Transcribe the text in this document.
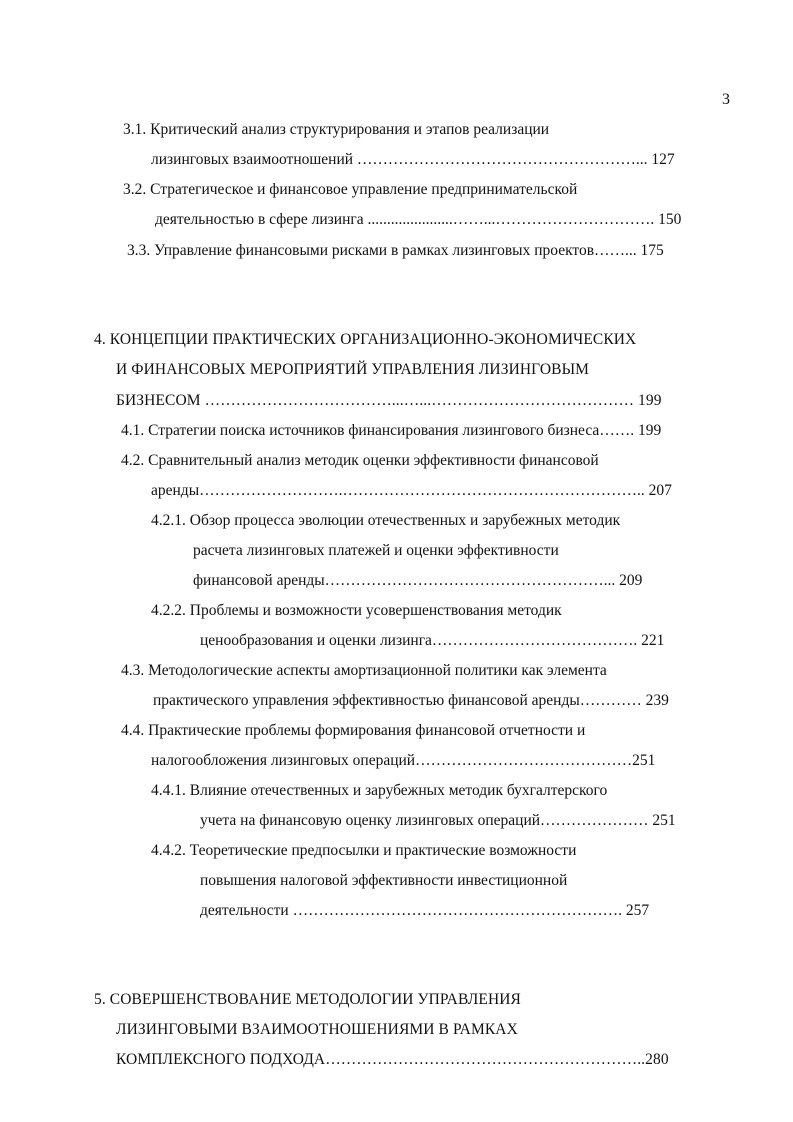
3
3.1. Критический анализ структурирования и этапов реализации
лизинговых взаимоотношений ………………………………………………... 127
3.2. Стратегическое и финансовое управление предпринимательской
деятельностью в сфере лизинга ......................……...…………………………. 150
3.3. Управление финансовыми рисками в рамках лизинговых проектов……... 175
4. КОНЦЕПЦИИ ПРАКТИЧЕСКИХ ОРГАНИЗАЦИОННО-ЭКОНОМИЧЕСКИХ
И ФИНАНСОВЫХ МЕРОПРИЯТИЙ УПРАВЛЕНИЯ ЛИЗИНГОВЫМ
БИЗНЕСОМ ………………………………...…...………………………………… 199
4.1. Стратегии поиска источников финансирования лизингового бизнеса……. 199
4.2. Сравнительный анализ методик оценки эффективности финансовой
аренды……………………….………………………………………………….. 207
4.2.1. Обзор процесса эволюции отечественных и зарубежных методик
расчета лизинговых платежей и оценки эффективности
финансовой аренды………………………………………………... 209
4.2.2. Проблемы и возможности усовершенствования методик
ценообразования и оценки лизинга…………………………………. 221
4.3. Методологические аспекты амортизационной политики как элемента
практического управления эффективностью финансовой аренды………… 239
4.4. Практические проблемы формирования финансовой отчетности и
налогообложения лизинговых операций……………………………………251
4.4.1. Влияние отечественных и зарубежных методик бухгалтерского
учета на финансовую оценку лизинговых операций………………… 251
4.4.2. Теоретические предпосылки и практические возможности
повышения налоговой эффективности инвестиционной
деятельности ………………………………………………………. 257
5. СОВЕРШЕНСТВОВАНИЕ МЕТОДОЛОГИИ УПРАВЛЕНИЯ
ЛИЗИНГОВЫМИ ВЗАИМООТНОШЕНИЯМИ В РАМКАХ
КОМПЛЕКСНОГО ПОДХОДА……………………………………………………..280
